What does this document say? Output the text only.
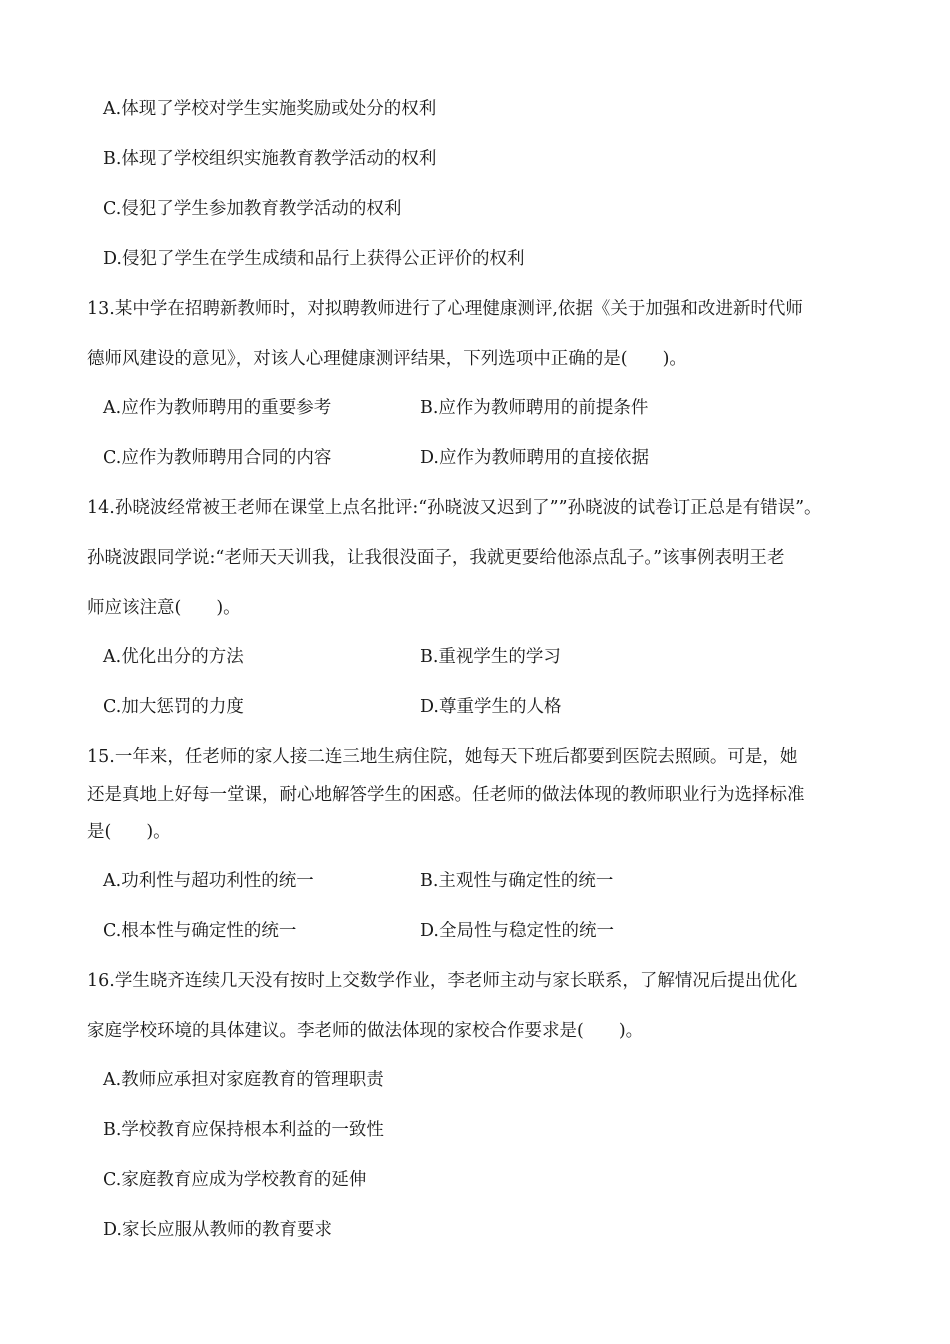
A.体现了学校对学生实施奖励或处分的权利
B.体现了学校组织实施教育教学活动的权利
C.侵犯了学生参加教育教学活动的权利
D.侵犯了学生在学生成绩和品行上获得公正评价的权利
13.某中学在招聘新教师时，对拟聘教师进行了心理健康测评,依据《关于加强和改进新时代师
德师风建设的意见》，对该人心理健康测评结果，下列选项中正确的是(　　)。
A.应作为教师聘用的重要参考	B.应作为教师聘用的前提条件
C.应作为教师聘用合同的内容	D.应作为教师聘用的直接依据
14.孙晓波经常被王老师在课堂上点名批评:“孙晓波又迟到了””孙晓波的试卷订正总是有错误”。
孙晓波跟同学说:“老师天天训我，让我很没面子，我就更要给他添点乱子。”该事例表明王老
师应该注意(　　)。
A.优化出分的方法	B.重视学生的学习
C.加大惩罚的力度	D.尊重学生的人格
15.一年来，任老师的家人接二连三地生病住院，她每天下班后都要到医院去照顾。可是，她
还是真地上好每一堂课，耐心地解答学生的困惑。任老师的做法体现的教师职业行为选择标准
是(　　)。
A.功利性与超功利性的统一	B.主观性与确定性的统一
C.根本性与确定性的统一	D.全局性与稳定性的统一
16.学生晓齐连续几天没有按时上交数学作业，李老师主动与家长联系，了解情况后提出优化
家庭学校环境的具体建议。李老师的做法体现的家校合作要求是(　　)。
A.教师应承担对家庭教育的管理职责
B.学校教育应保持根本利益的一致性
C.家庭教育应成为学校教育的延伸
D.家长应服从教师的教育要求
